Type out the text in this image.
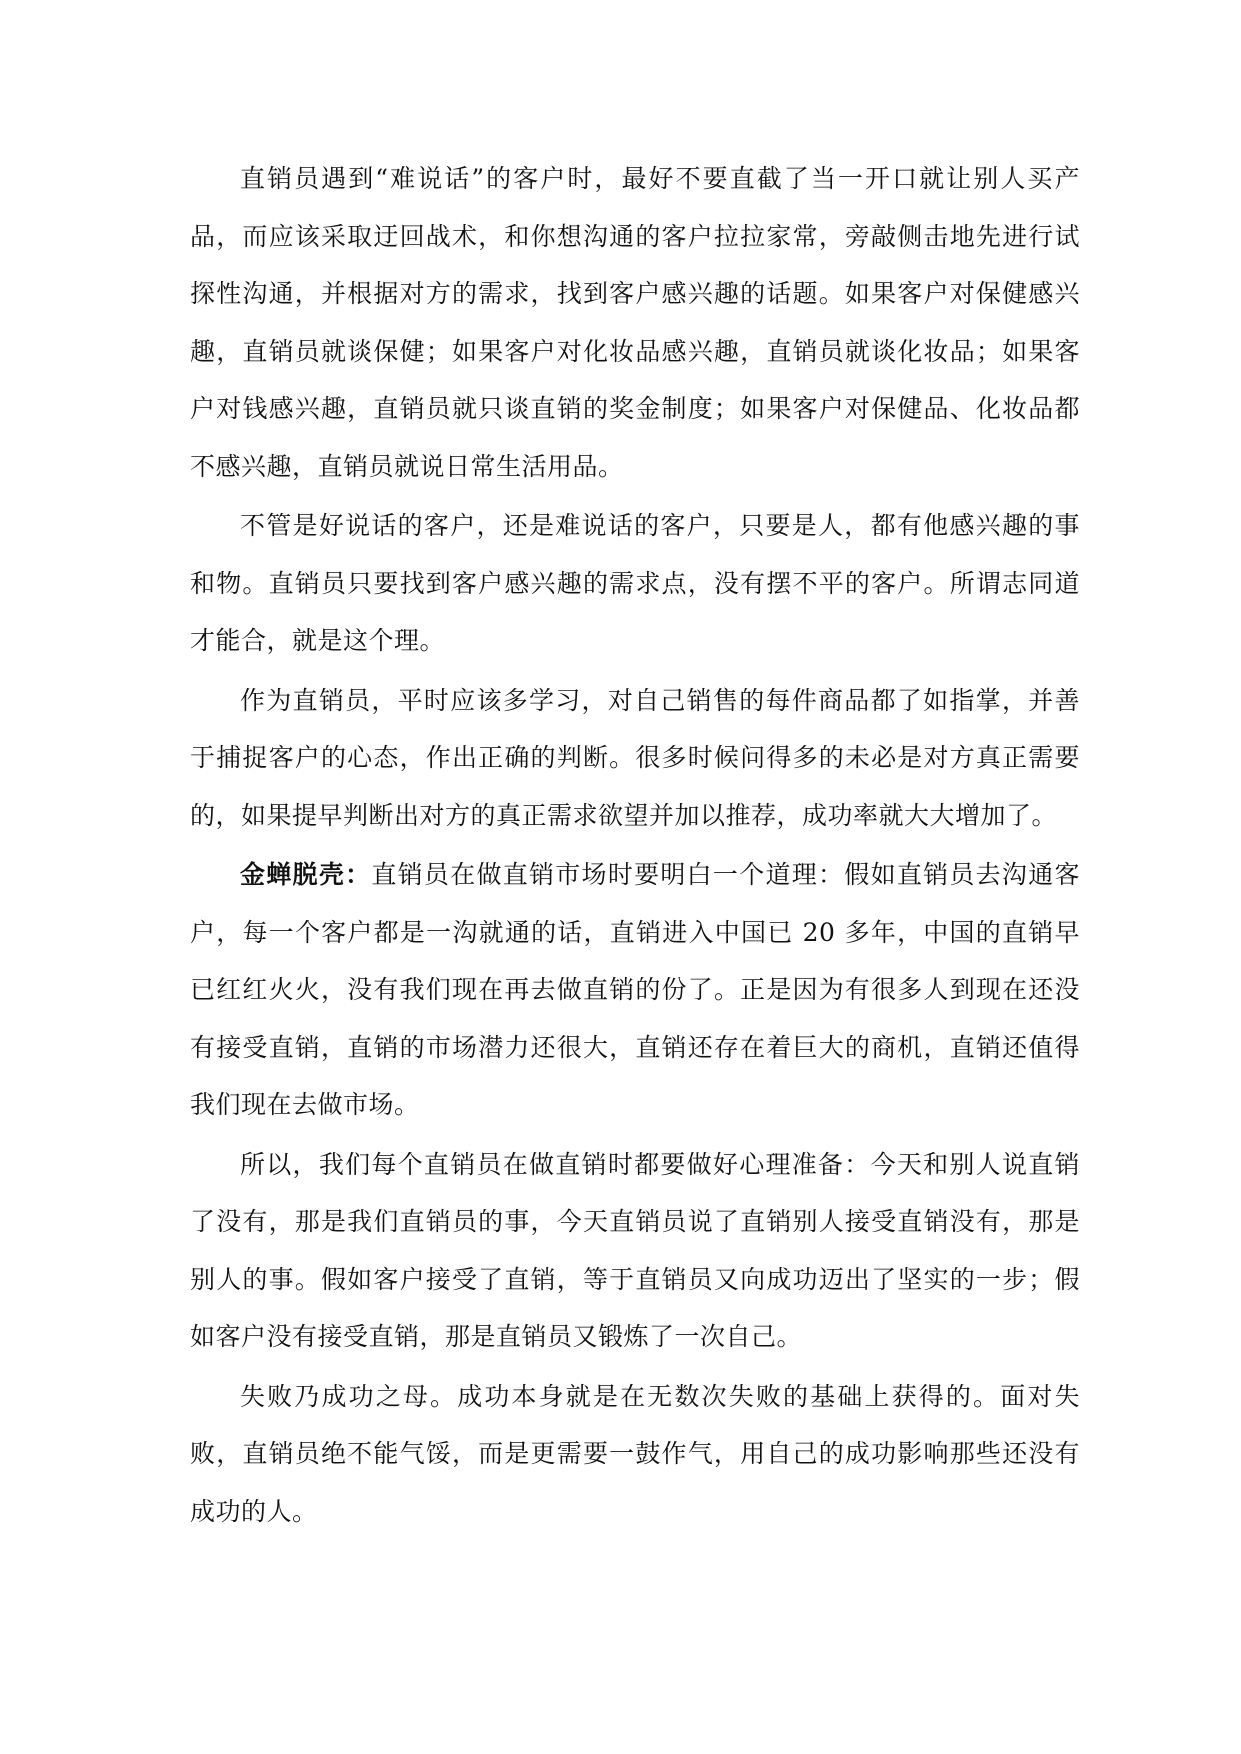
直销员遇到“难说话”的客户时，最好不要直截了当一开口就让别人买产品，而应该采取迂回战术，和你想沟通的客户拉拉家常，旁敲侧击地先进行试探性沟通，并根据对方的需求，找到客户感兴趣的话题。如果客户对保健感兴趣，直销员就谈保健；如果客户对化妆品感兴趣，直销员就谈化妆品；如果客户对钱感兴趣，直销员就只谈直销的奖金制度；如果客户对保健品、化妆品都不感兴趣，直销员就说日常生活用品。

不管是好说话的客户，还是难说话的客户，只要是人，都有他感兴趣的事和物。直销员只要找到客户感兴趣的需求点，没有摆不平的客户。所谓志同道才能合，就是这个理。

作为直销员，平时应该多学习，对自己销售的每件商品都了如指掌，并善于捕捉客户的心态，作出正确的判断。很多时候问得多的未必是对方真正需要的，如果提早判断出对方的真正需求欲望并加以推荐，成功率就大大增加了。

金蝉脱壳：直销员在做直销市场时要明白一个道理：假如直销员去沟通客户，每一个客户都是一沟就通的话，直销进入中国已 20 多年，中国的直销早已红红火火，没有我们现在再去做直销的份了。正是因为有很多人到现在还没有接受直销，直销的市场潜力还很大，直销还存在着巨大的商机，直销还值得我们现在去做市场。

所以，我们每个直销员在做直销时都要做好心理准备：今天和别人说直销了没有，那是我们直销员的事，今天直销员说了直销别人接受直销没有，那是别人的事。假如客户接受了直销，等于直销员又向成功迈出了坚实的一步；假如客户没有接受直销，那是直销员又锻炼了一次自己。

失败乃成功之母。成功本身就是在无数次失败的基础上获得的。面对失败，直销员绝不能气馁，而是更需要一鼓作气，用自己的成功影响那些还没有成功的人。
